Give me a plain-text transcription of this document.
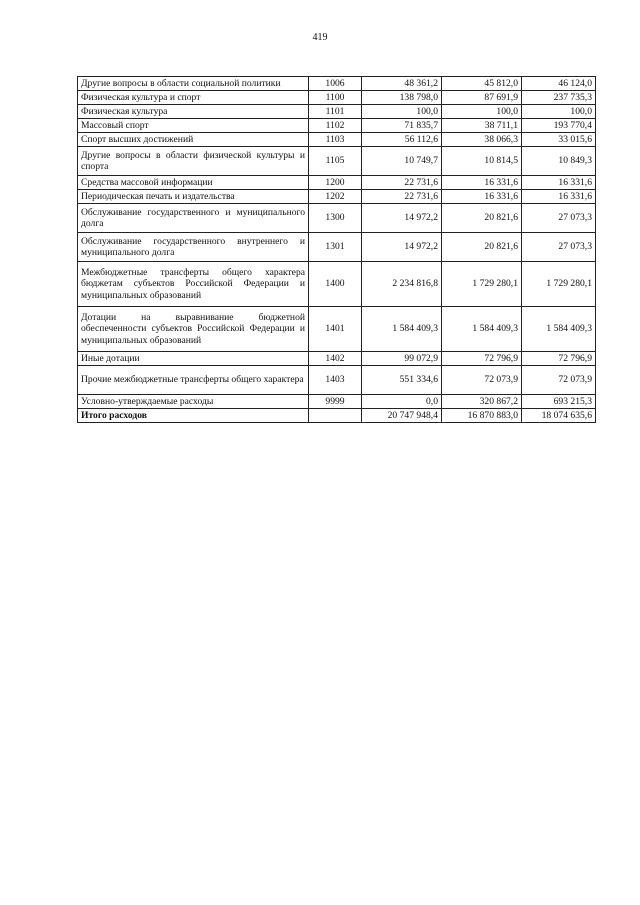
419
Другие вопросы в области социальной политики	1006	48 361,2	45 812,0	46 124,0
Физическая культура и спорт	1100	138 798,0	87 691,9	237 735,3
Физическая культура	1101	100,0	100,0	100,0
Массовый спорт	1102	71 835,7	38 711,1	193 770,4
Спорт высших достижений	1103	56 112,6	38 066,3	33 015,6
Другие вопросы в области физической культуры и спорта	1105	10 749,7	10 814,5	10 849,3
Средства массовой информации	1200	22 731,6	16 331,6	16 331,6
Периодическая печать и издательства	1202	22 731,6	16 331,6	16 331,6
Обслуживание государственного и муниципального долга	1300	14 972,2	20 821,6	27 073,3
Обслуживание государственного внутреннего и муниципального долга	1301	14 972,2	20 821,6	27 073,3
Межбюджетные трансферты общего характера бюджетам субъектов Российской Федерации и муниципальных образований	1400	2 234 816,8	1 729 280,1	1 729 280,1
Дотации на выравнивание бюджетной обеспеченности субъектов Российской Федерации и муниципальных образований	1401	1 584 409,3	1 584 409,3	1 584 409,3
Иные дотации	1402	99 072,9	72 796,9	72 796,9
Прочие межбюджетные трансферты общего характера	1403	551 334,6	72 073,9	72 073,9
Условно-утверждаемые расходы	9999	0,0	320 867,2	693 215,3
Итого расходов		20 747 948,4	16 870 883,0	18 074 635,6
